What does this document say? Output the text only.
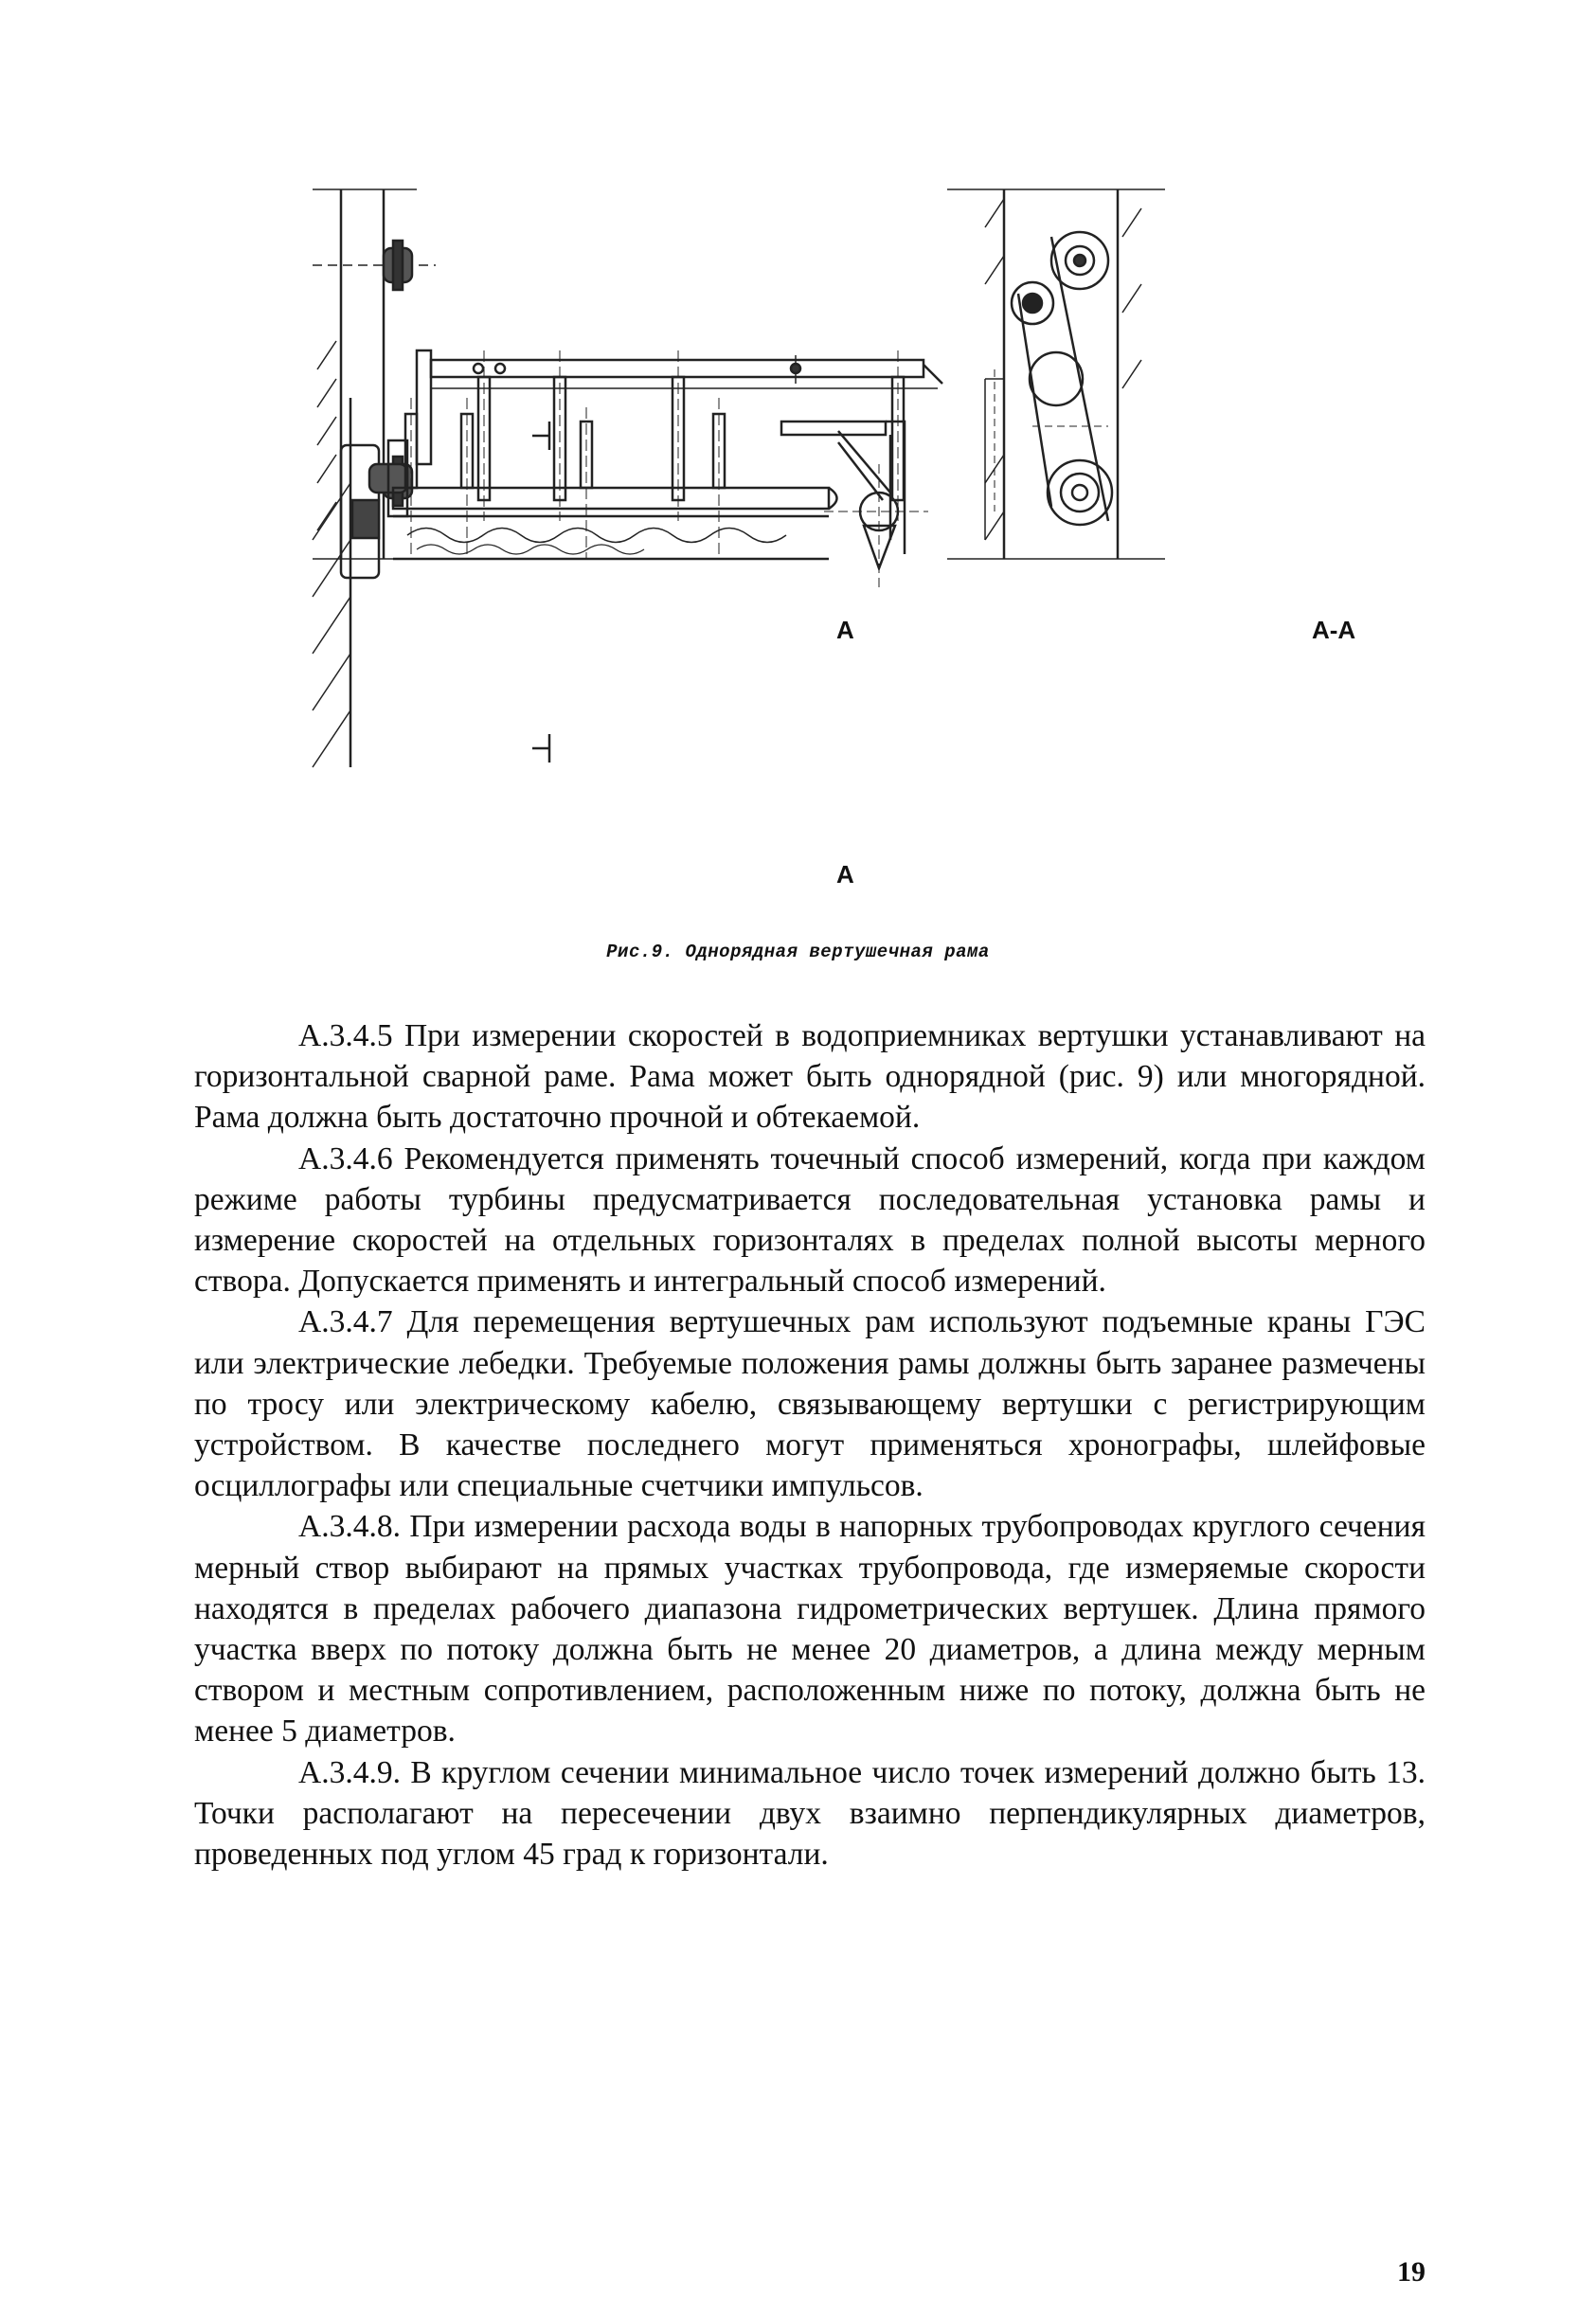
A
A
A-A
Рис.9. Однорядная вертушечная рама

А.3.4.5 При измерении скоростей в водоприемниках вертушки устанавливают на горизонтальной сварной раме. Рама может быть однорядной (рис. 9) или многорядной. Рама должна быть достаточно прочной и обтекаемой.

А.3.4.6 Рекомендуется применять точечный способ измерений, когда при каждом режиме работы турбины предусматривается последовательная установка рамы и измерение скоростей на отдельных горизонталях в пределах полной высоты мерного створа. Допускается применять и интегральный способ измерений.

А.3.4.7 Для перемещения вертушечных рам используют подъемные краны ГЭС или электрические лебедки. Требуемые положения рамы должны быть заранее размечены по тросу или электрическому кабелю, связывающему вертушки с регистрирующим устройством. В качестве последнего могут применяться хронографы, шлейфовые осциллографы или специальные счетчики импульсов.

А.3.4.8. При измерении расхода воды в напорных трубопроводах круглого сечения мерный створ выбирают на прямых участках трубопровода, где измеряемые скорости находятся в пределах рабочего диапазона гидрометрических вертушек. Длина прямого участка вверх по потоку должна быть не менее 20 диаметров, а длина между мерным створом и местным сопротивлением, расположенным ниже по потоку, должна быть не менее 5 диаметров.

А.3.4.9. В круглом сечении минимальное число точек измерений должно быть 13. Точки располагают на пересечении двух взаимно перпендикулярных диаметров, проведенных под углом 45 град к горизонтали.

19
